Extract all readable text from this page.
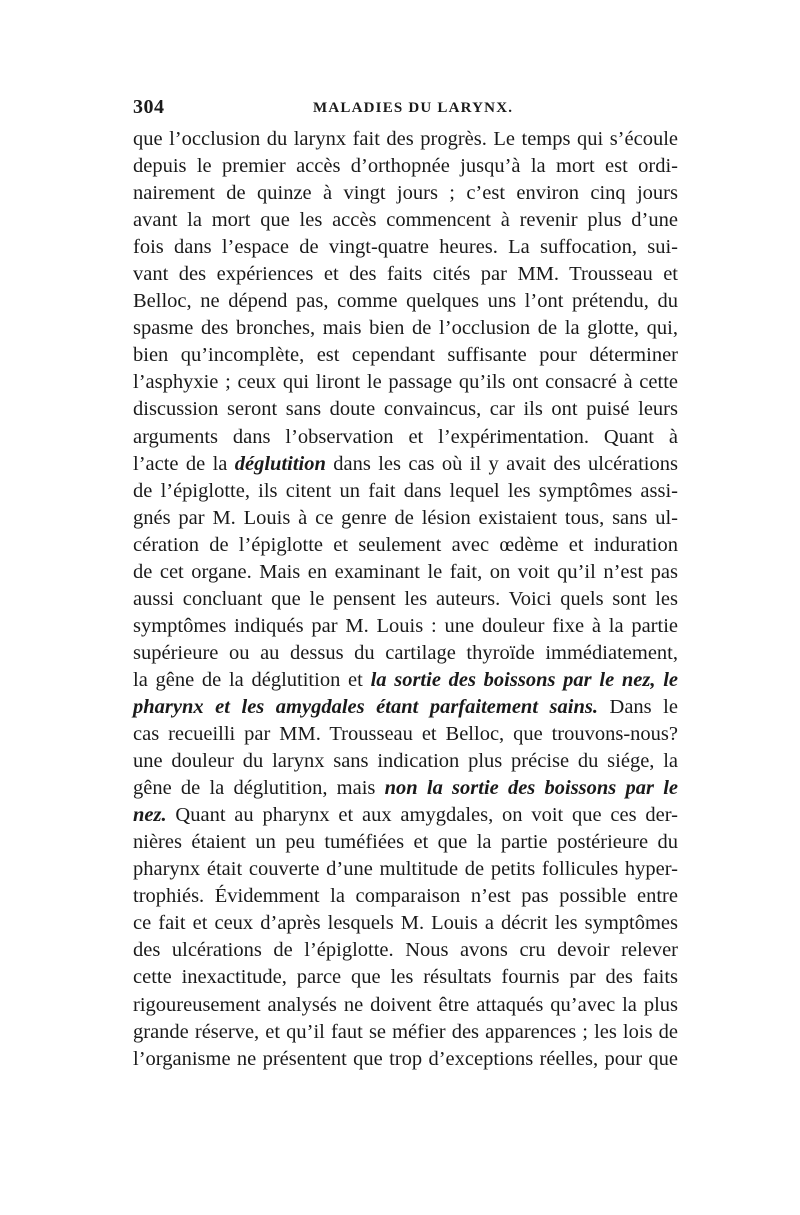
304	MALADIES DU LARYNX.
que l’occlusion du larynx fait des progrès. Le temps qui s’écoule
depuis le premier accès d’orthopnée jusqu’à la mort est ordi-
nairement de quinze à vingt jours ; c’est environ cinq jours
avant la mort que les accès commencent à revenir plus d’une
fois dans l’espace de vingt-quatre heures. La suffocation, sui-
vant des expériences et des faits cités par MM. Trousseau et
Belloc, ne dépend pas, comme quelques uns l’ont prétendu, du
spasme des bronches, mais bien de l’occlusion de la glotte, qui,
bien qu’incomplète, est cependant suffisante pour déterminer
l’asphyxie ; ceux qui liront le passage qu’ils ont consacré à cette
discussion seront sans doute convaincus, car ils ont puisé leurs
arguments dans l’observation et l’expérimentation. Quant à
l’acte de la déglutition dans les cas où il y avait des ulcérations
de l’épiglotte, ils citent un fait dans lequel les symptômes assi-
gnés par M. Louis à ce genre de lésion existaient tous, sans ul-
cération de l’épiglotte et seulement avec œdème et induration
de cet organe. Mais en examinant le fait, on voit qu’il n’est pas
aussi concluant que le pensent les auteurs. Voici quels sont les
symptômes indiqués par M. Louis : une douleur fixe à la partie
supérieure ou au dessus du cartilage thyroïde immédiatement,
la gêne de la déglutition et la sortie des boissons par le nez, le
pharynx et les amygdales étant parfaitement sains. Dans le
cas recueilli par MM. Trousseau et Belloc, que trouvons-nous?
une douleur du larynx sans indication plus précise du siége, la
gêne de la déglutition, mais non la sortie des boissons par le
nez. Quant au pharynx et aux amygdales, on voit que ces der-
nières étaient un peu tuméfiées et que la partie postérieure du
pharynx était couverte d’une multitude de petits follicules hyper-
trophiés. Évidemment la comparaison n’est pas possible entre
ce fait et ceux d’après lesquels M. Louis a décrit les symptômes
des ulcérations de l’épiglotte. Nous avons cru devoir relever
cette inexactitude, parce que les résultats fournis par des faits
rigoureusement analysés ne doivent être attaqués qu’avec la plus
grande réserve, et qu’il faut se méfier des apparences ; les lois de
l’organisme ne présentent que trop d’exceptions réelles, pour que
